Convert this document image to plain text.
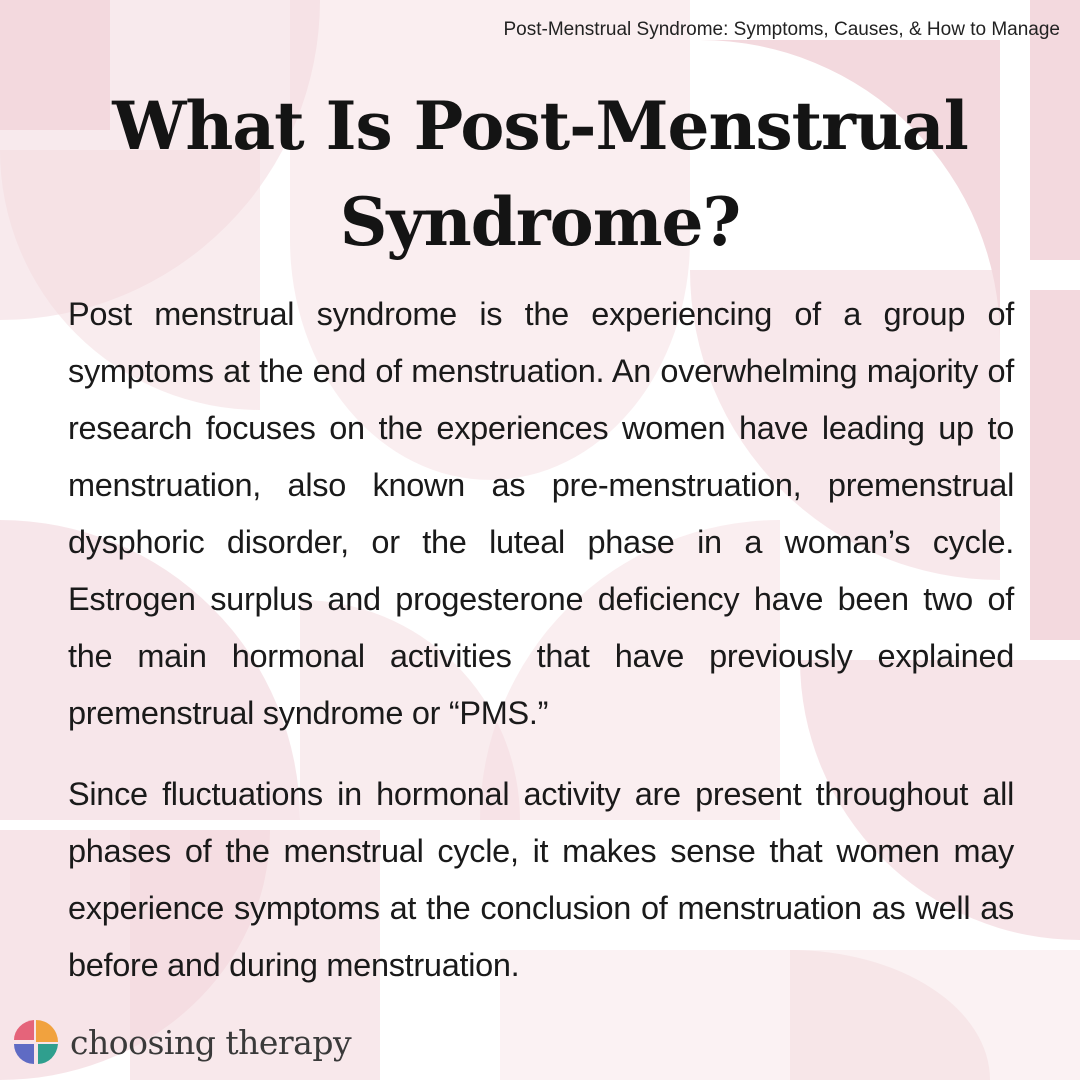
Post-Menstrual Syndrome: Symptoms, Causes, & How to Manage
What Is Post-Menstrual Syndrome?

Post menstrual syndrome is the experiencing of a group of symptoms at the end of menstruation. An overwhelming majority of research focuses on the experiences women have leading up to menstruation, also known as pre-menstruation, premenstrual dysphoric disorder, or the luteal phase in a woman’s cycle. Estrogen surplus and progesterone deficiency have been two of the main hormonal activities that have previously explained premenstrual syndrome or “PMS.”

Since fluctuations in hormonal activity are present throughout all phases of the menstrual cycle, it makes sense that women may experience symptoms at the conclusion of menstruation as well as before and during menstruation.

choosing therapy
